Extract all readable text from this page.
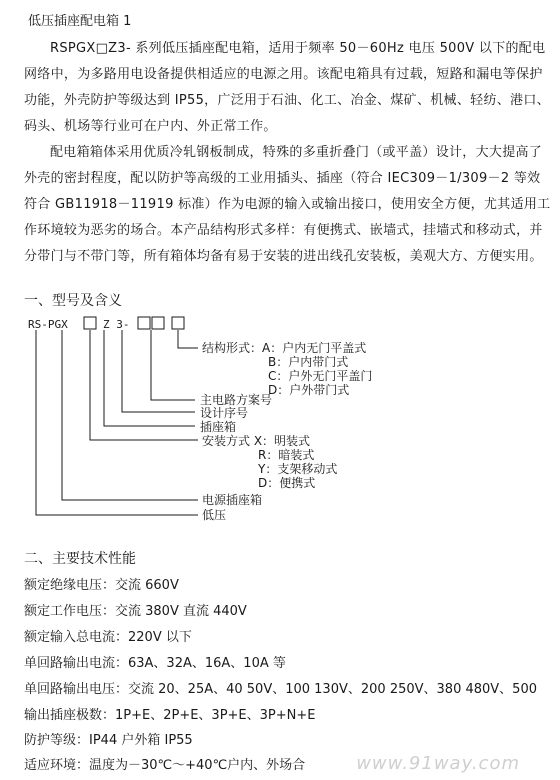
低压插座配电箱 1

RSPGX□Z3- 系列低压插座配电箱，适用于频率 50－60Hz 电压 500V 以下的配电网络中，为多路用电设备提供相适应的电源之用。该配电箱具有过载，短路和漏电等保护功能，外壳防护等级达到 IP55，广泛用于石油、化工、冶金、煤矿、机械、轻纺、港口、码头、机场等行业可在户内、外正常工作。

配电箱箱体采用优质冷轧钢板制成，特殊的多重折叠门（或平盖）设计，大大提高了外壳的密封程度，配以防护等高级的工业用插头、插座（符合 IEC309－1/309－2 等效符合 GB11918－11919 标准）作为电源的输入或输出接口，使用安全方便，尤其适用工作环境较为恶劣的场合。本产品结构形式多样：有便携式、嵌墙式，挂墙式和移动式，并分带门与不带门等，所有箱体均备有易于安装的进出线孔安装板，美观大方、方便实用。

一、型号及含义
RS-PGX	Z 3-
结构形式：A：户内无门平盖式
B：户内带门式
C：户外无门平盖门
D：户外带门式
主电路方案号
设计序号
插座箱
安装方式 X：明装式
R：暗装式
Y：支架移动式
D：便携式
电源插座箱
低压
二、主要技术性能
额定绝缘电压：交流 660V
额定工作电压：交流 380V 直流 440V
额定输入总电流：220V 以下
单回路输出电流：63A、32A、16A、10A 等
单回路输出电压：交流 20、25A、40 50V、100 130V、200 250V、380 480V、500
输出插座极数：1P+E、2P+E、3P+E、3P+N+E
防护等级：IP44 户外箱 IP55
适应环境：温度为－30℃～+40℃户内、外场合	www.91way.com
